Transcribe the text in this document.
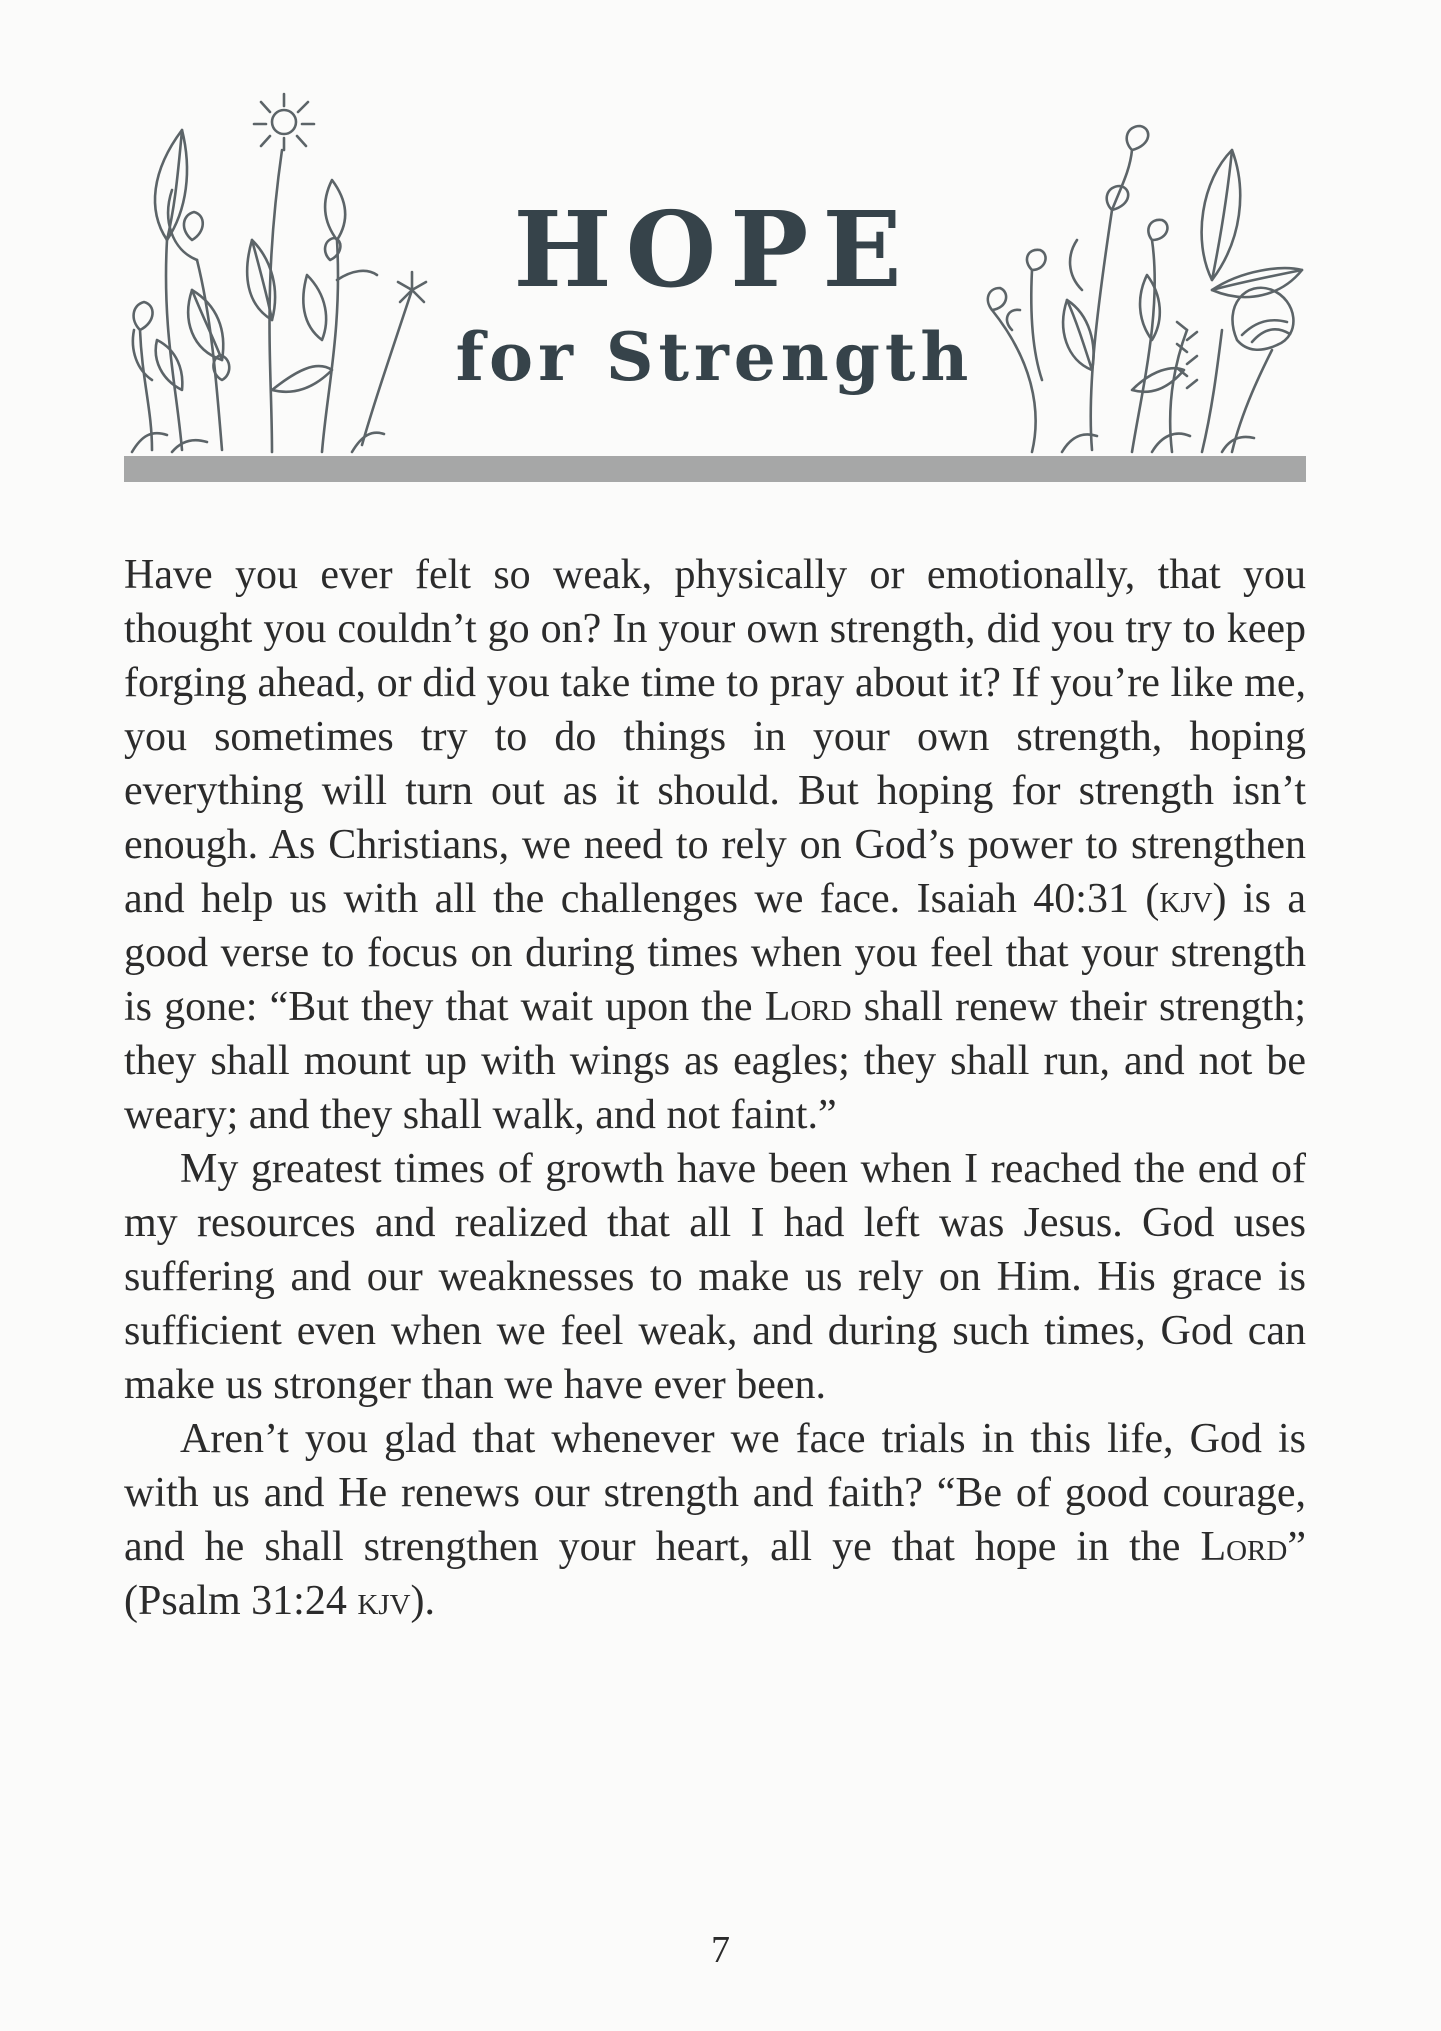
HOPE
for Strength

Have you ever felt so weak, physically or emotionally, that you thought you couldn’t go on? In your own strength, did you try to keep forging ahead, or did you take time to pray about it? If you’re like me, you sometimes try to do things in your own strength, hoping everything will turn out as it should. But hoping for strength isn’t enough. As Christians, we need to rely on God’s power to strengthen and help us with all the challenges we face. Isaiah 40:31 (kjv) is a good verse to focus on during times when you feel that your strength is gone: “But they that wait upon the Lord shall renew their strength; they shall mount up with wings as eagles; they shall run, and not be weary; and they shall walk, and not faint.”

My greatest times of growth have been when I reached the end of my resources and realized that all I had left was Jesus. God uses suffering and our weaknesses to make us rely on Him. His grace is sufficient even when we feel weak, and during such times, God can make us stronger than we have ever been.

Aren’t you glad that whenever we face trials in this life, God is with us and He renews our strength and faith? “Be of good courage, and he shall strengthen your heart, all ye that hope in the Lord” (Psalm 31:24 kjv).

7
